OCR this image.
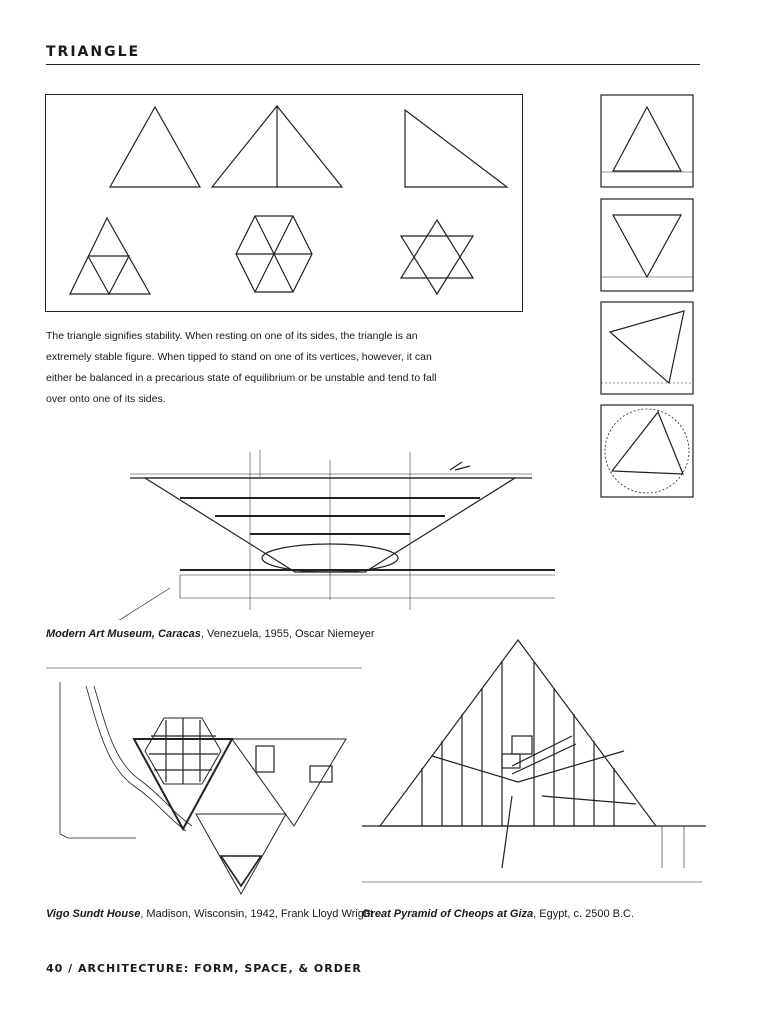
TRIANGLE
The triangle signifies stability. When resting on one of its sides, the triangle is an extremely stable figure. When tipped to stand on one of its vertices, however, it can either be balanced in a precarious state of equilibrium or be unstable and tend to fall over onto one of its sides.
Modern Art Museum, Caracas, Venezuela, 1955, Oscar Niemeyer
Vigo Sundt House, Madison, Wisconsin, 1942, Frank Lloyd Wright
Great Pyramid of Cheops at Giza, Egypt, c. 2500 B.C.
40 / ARCHITECTURE: FORM, SPACE, & ORDER
